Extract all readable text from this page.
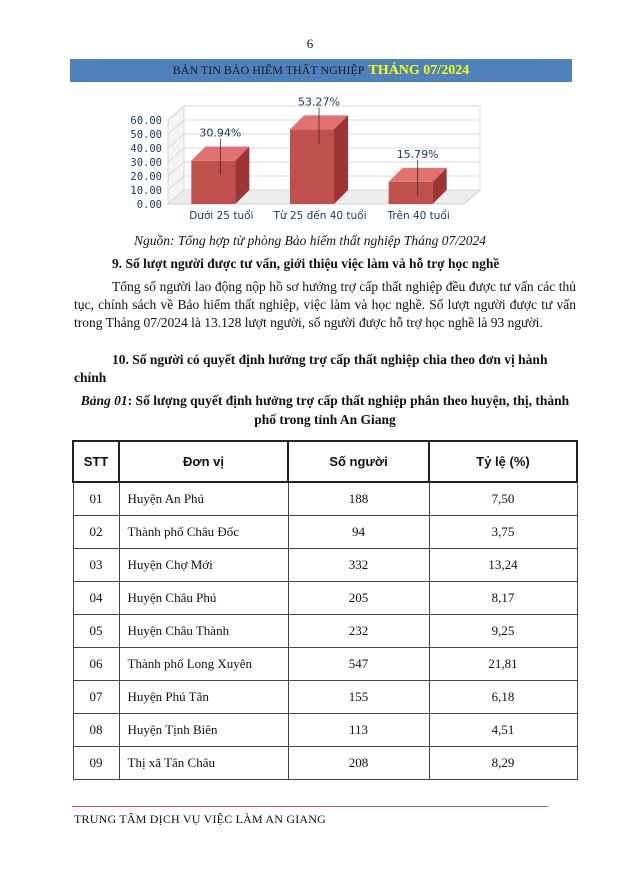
6
BẢN TIN BẢO HIỂM THẤT NGHIỆP THÁNG 07/2024
0.00
10.00
20.00
30.00
40.00
50.00
60.00
30.94%
Dưới 25 tuổi
53.27%
Từ 25 đến 40 tuổi
15.79%
Trên 40 tuổi
Nguồn: Tổng hợp từ phòng Bảo hiểm thất nghiệp Tháng 07/2024
9. Số lượt người được tư vấn, giới thiệu việc làm và hỗ trợ học nghề
Tổng số người lao động nộp hồ sơ hưởng trợ cấp thất nghiệp đều được tư vấn các thủ tục, chính sách về Bảo hiểm thất nghiệp, việc làm và học nghề. Số lượt người được tư vấn trong Tháng 07/2024 là 13.128 lượt người, số người được hỗ trợ học nghề là 93 người.
10. Số người có quyết định hưởng trợ cấp thất nghiệp chia theo đơn vị hành chính
Bảng 01: Số lượng quyết định hưởng trợ cấp thất nghiệp phân theo huyện, thị, thành phố trong tỉnh An Giang
STT	Đơn vị	Số người	Tỷ lệ (%)
01	Huyện An Phú	188	7,50
02	Thành phố Châu Đốc	94	3,75
03	Huyện Chợ Mới	332	13,24
04	Huyện Châu Phú	205	8,17
05	Huyện Châu Thành	232	9,25
06	Thành phố Long Xuyên	547	21,81
07	Huyện Phú Tân	155	6,18
08	Huyện Tịnh Biên	113	4,51
09	Thị xã Tân Châu	208	8,29
TRUNG TÂM DỊCH VỤ VIỆC LÀM AN GIANG
